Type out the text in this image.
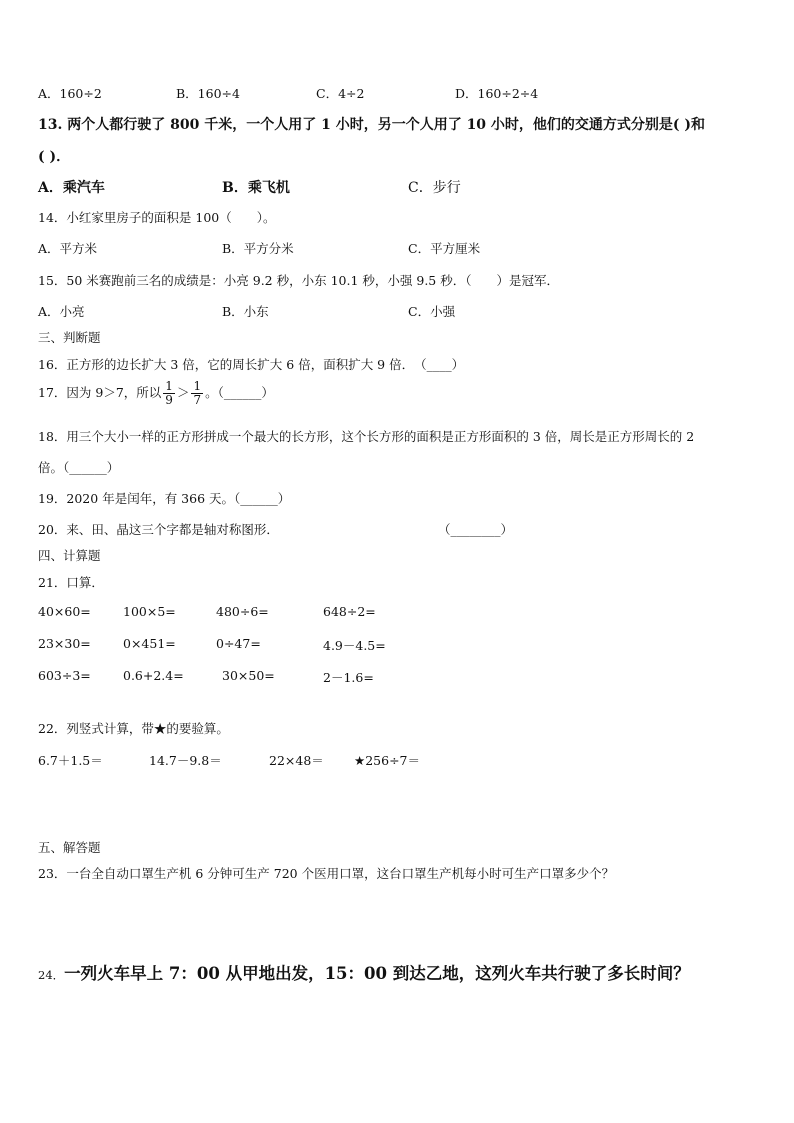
A．160÷2	B．160÷4	C．4÷2	D．160÷2÷4
13. 两个人都行驶了 800 千米，一个人用了 1 小时，另一个人用了 10 小时，他们的交通方式分别是( )和
( )．
A．乘汽车	B．乘飞机	C．步行
14．小红家里房子的面积是 100（　　）。
A．平方米	B．平方分米	C．平方厘米
15．50 米赛跑前三名的成绩是：小亮 9.2 秒，小东 10.1 秒，小强 9.5 秒．（　　）是冠军．
A．小亮	B．小东	C．小强
三、判断题
16．正方形的边长扩大 3 倍，它的周长扩大 6 倍，面积扩大 9 倍．　（____）
17．因为 9＞7，所以 $\frac{1}{9} > \frac{1}{7}$ 。（______）
18．用三个大小一样的正方形拼成一个最大的长方形，这个长方形的面积是正方形面积的 3 倍，周长是正方形周长的 2
倍。（______）
19．2020 年是闰年，有 366 天。（______）
20．来、田、晶这三个字都是轴对称图形．	（________）
四、计算题
21．口算．
40×60=	100×5=	480÷6=	648÷2=
23×30=	0×451=	0÷47=	4.9－4.5=
603÷3=	0.6+2.4=	30×50=	2－1.6=
22．列竖式计算，带★的要验算。
6.7＋1.5＝	14.7－9.8＝	22×48＝ ★256÷7＝
五、解答题
23．一台全自动口罩生产机 6 分钟可生产 720 个医用口罩，这台口罩生产机每小时可生产口罩多少个？
24．一列火车早上 7：00 从甲地出发，15：00 到达乙地，这列火车共行驶了多长时间？
